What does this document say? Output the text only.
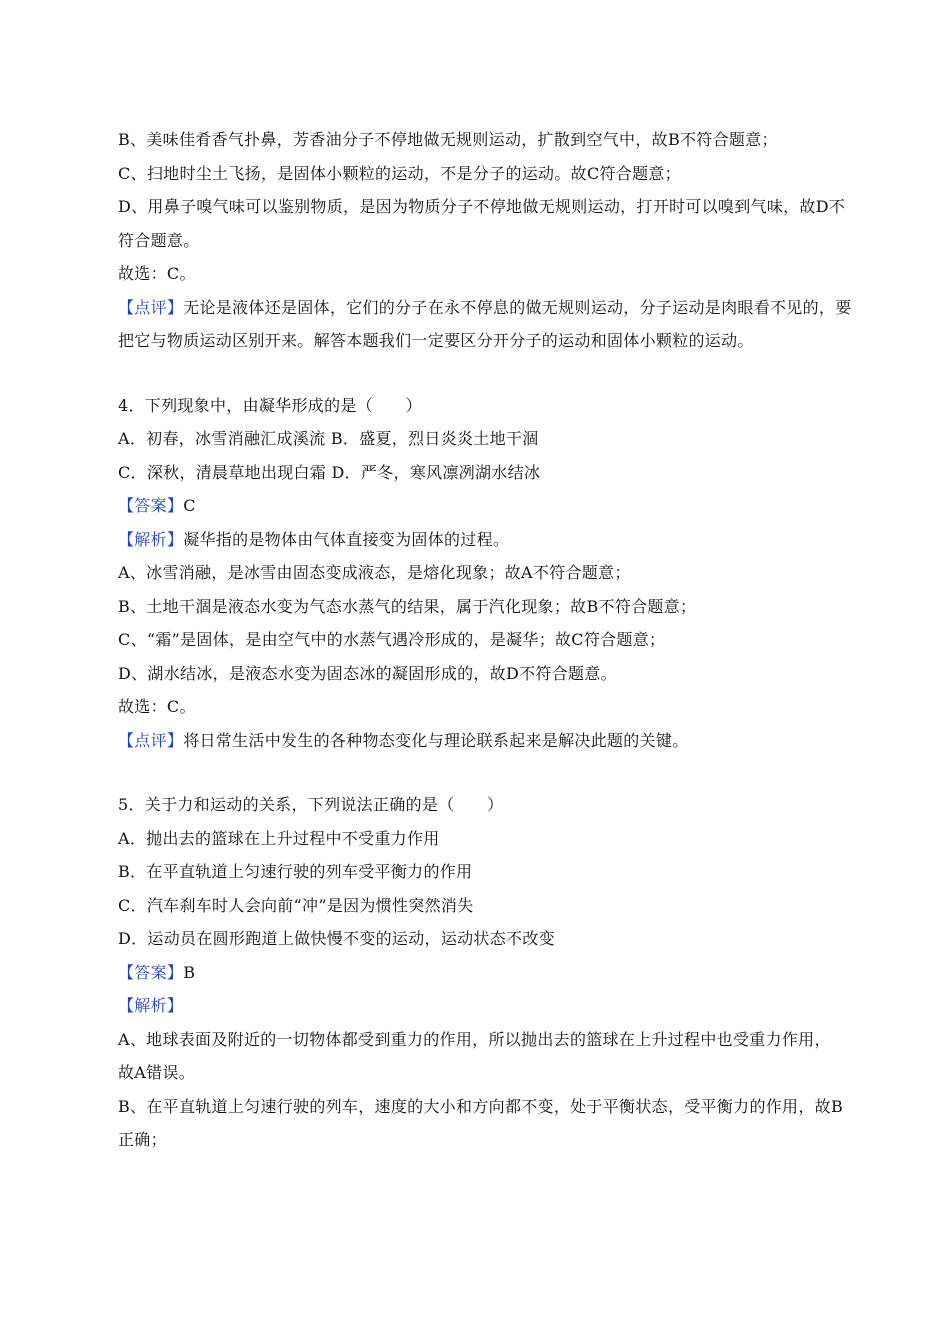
B、美味佳肴香气扑鼻，芳香油分子不停地做无规则运动，扩散到空气中，故B不符合题意；
C、扫地时尘土飞扬，是固体小颗粒的运动，不是分子的运动。故C符合题意；
D、用鼻子嗅气味可以鉴别物质，是因为物质分子不停地做无规则运动，打开时可以嗅到气味，故D不
符合题意。
故选：C。
【点评】无论是液体还是固体，它们的分子在永不停息的做无规则运动，分子运动是肉眼看不见的，要
把它与物质运动区别开来。解答本题我们一定要区分开分子的运动和固体小颗粒的运动。
4．下列现象中，由凝华形成的是（　　）
A．初春，冰雪消融汇成溪流 B．盛夏，烈日炎炎土地干涸
C．深秋，清晨草地出现白霜 D．严冬，寒风凛冽湖水结冰
【答案】C
【解析】凝华指的是物体由气体直接变为固体的过程。
A、冰雪消融，是冰雪由固态变成液态，是熔化现象；故A不符合题意；
B、土地干涸是液态水变为气态水蒸气的结果，属于汽化现象；故B不符合题意；
C、“霜”是固体，是由空气中的水蒸气遇冷形成的，是凝华；故C符合题意；
D、湖水结冰，是液态水变为固态冰的凝固形成的，故D不符合题意。
故选：C。
【点评】将日常生活中发生的各种物态变化与理论联系起来是解决此题的关键。
5．关于力和运动的关系，下列说法正确的是（　　）
A．抛出去的篮球在上升过程中不受重力作用
B．在平直轨道上匀速行驶的列车受平衡力的作用
C．汽车刹车时人会向前“冲”是因为惯性突然消失
D．运动员在圆形跑道上做快慢不变的运动，运动状态不改变
【答案】B
【解析】
A、地球表面及附近的一切物体都受到重力的作用，所以抛出去的篮球在上升过程中也受重力作用，
故A错误。
B、在平直轨道上匀速行驶的列车，速度的大小和方向都不变，处于平衡状态，受平衡力的作用，故B
正确；
